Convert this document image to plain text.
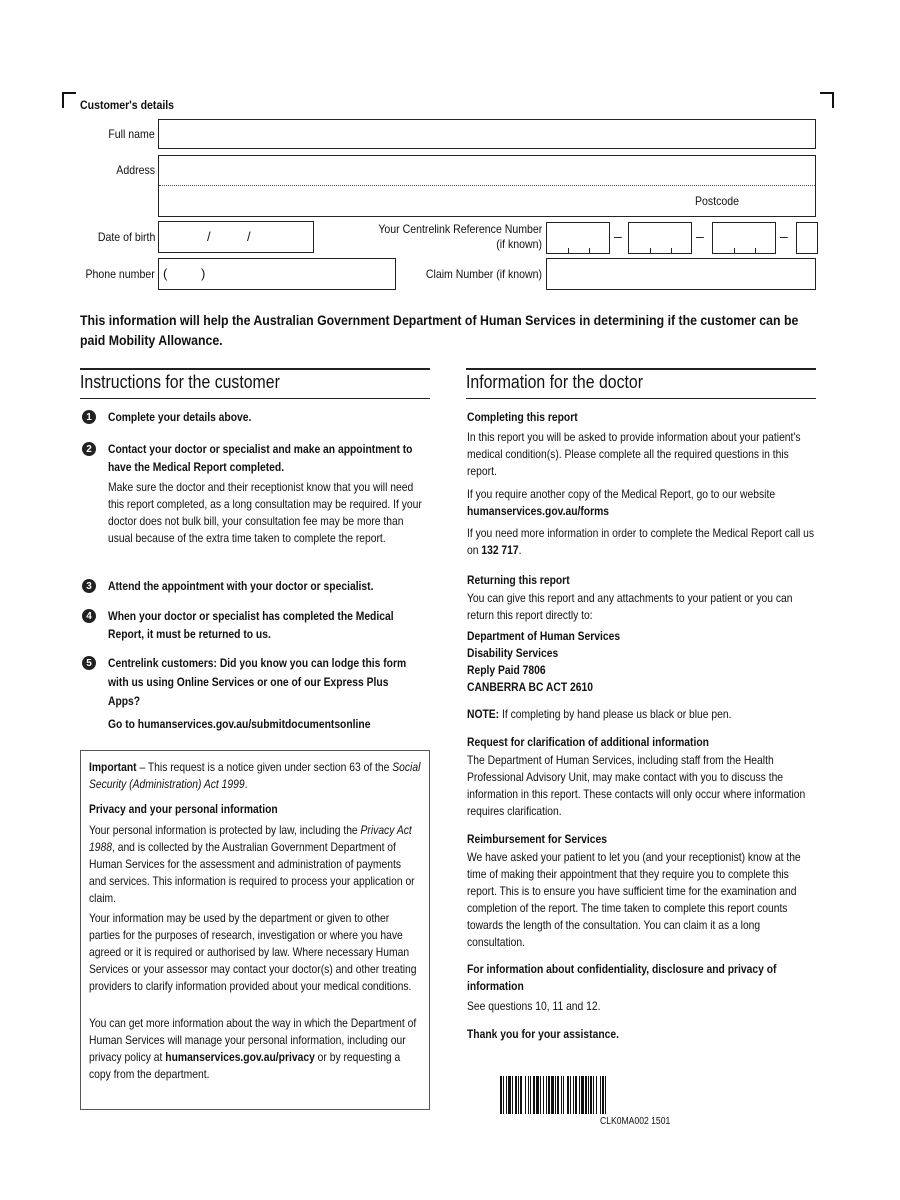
Customer's details
Full name
Address
Postcode
Date of birth	/	/	Your Centrelink Reference Number
(if known)	–	–	–
Phone number (	)	Claim Number (if known)
This information will help the Australian Government Department of Human Services in determining if the customer can be paid Mobility Allowance.
Instructions for the customer
1	Complete your details above.
2	Contact your doctor or specialist and make an appointment to have the Medical Report completed.
Make sure the doctor and their receptionist know that you will need this report completed, as a long consultation may be required. If your doctor does not bulk bill, your consultation fee may be more than usual because of the extra time taken to complete the report.
3	Attend the appointment with your doctor or specialist.
4	When your doctor or specialist has completed the Medical Report, it must be returned to us.
5	Centrelink customers: Did you know you can lodge this form with us using Online Services or one of our Express Plus Apps?
Go to humanservices.gov.au/submitdocumentsonline
Important – This request is a notice given under section 63 of the Social Security (Administration) Act 1999.
Privacy and your personal information
Your personal information is protected by law, including the Privacy Act 1988, and is collected by the Australian Government Department of Human Services for the assessment and administration of payments and services. This information is required to process your application or claim.
Your information may be used by the department or given to other parties for the purposes of research, investigation or where you have agreed or it is required or authorised by law. Where necessary Human Services or your assessor may contact your doctor(s) and other treating providers to clarify information provided about your medical conditions.
You can get more information about the way in which the Department of Human Services will manage your personal information, including our privacy policy at humanservices.gov.au/privacy or by requesting a copy from the department.
Information for the doctor
Completing this report
In this report you will be asked to provide information about your patient's medical condition(s). Please complete all the required questions in this report.
If you require another copy of the Medical Report, go to our website humanservices.gov.au/forms
If you need more information in order to complete the Medical Report call us on 132 717.
Returning this report
You can give this report and any attachments to your patient or you can return this report directly to:
Department of Human Services
Disability Services
Reply Paid 7806
CANBERRA BC ACT 2610
NOTE: If completing by hand please us black or blue pen.
Request for clarification of additional information
The Department of Human Services, including staff from the Health Professional Advisory Unit, may make contact with you to discuss the information in this report. These contacts will only occur where information requires clarification.
Reimbursement for Services
We have asked your patient to let you (and your receptionist) know at the time of making their appointment that they require you to complete this report. This is to ensure you have sufficient time for the examination and completion of the report. The time taken to complete this report counts towards the length of the consultation. You can claim it as a long consultation.
For information about confidentiality, disclosure and privacy of information
See questions 10, 11 and 12.
Thank you for your assistance.
CLK0MA002 1501
